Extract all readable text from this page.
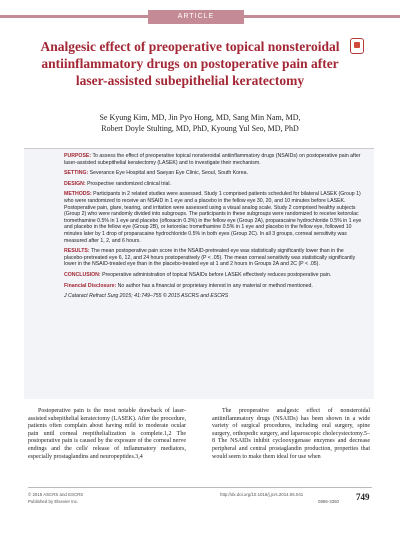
ARTICLE
Analgesic effect of preoperative topical nonsteroidal antiinflammatory drugs on postoperative pain after laser-assisted subepithelial keratectomy
Se Kyung Kim, MD, Jin Pyo Hong, MD, Sang Min Nam, MD,
Robert Doyle Stulting, MD, PhD, Kyoung Yul Seo, MD, PhD

PURPOSE: To assess the effect of preoperative topical nonsteroidal antiinflammatory drugs (NSAIDs) on postoperative pain after laser-assisted subepithelial keratectomy (LASEK) and to investigate their mechanism.

SETTING: Severance Eye Hospital and Saeyan Eye Clinic, Seoul, South Korea.

DESIGN: Prospective randomized clinical trial.

METHODS: Participants in 2 related studies were assessed. Study 1 comprised patients scheduled for bilateral LASEK (Group 1) who were randomized to receive an NSAID in 1 eye and a placebo in the fellow eye 30, 20, and 10 minutes before LASEK. Postoperative pain, glare, tearing, and irritation were assessed using a visual analog scale. Study 2 comprised healthy subjects (Group 2) who were randomly divided into subgroups. The participants in these subgroups were randomized to receive ketorolac tromethamine 0.5% in 1 eye and placebo (ofloxacin 0.3%) in the fellow eye (Group 2A), proparacaine hydrochloride 0.5% in 1 eye and placebo in the fellow eye (Group 2B), or ketorolac tromethamine 0.5% in 1 eye and placebo in the fellow eye, followed 10 minutes later by 1 drop of proparacaine hydrochloride 0.5% in both eyes (Group 2C). In all 3 groups, corneal sensitivity was measured after 1, 2, and 6 hours.

RESULTS: The mean postoperative pain score in the NSAID-pretreated eye was statistically significantly lower than in the placebo-pretreated eye 6, 12, and 24 hours postoperatively (P < .05). The mean corneal sensitivity was statistically significantly lower in the NSAID-treated eye than in the placebo-treated eye at 1 and 2 hours in Groups 2A and 2C (P < .05).

CONCLUSION: Preoperative administration of topical NSAIDs before LASEK effectively reduces postoperative pain.

Financial Disclosure: No author has a financial or proprietary interest in any material or method mentioned.

J Cataract Refract Surg 2015; 41:749–755 © 2015 ASCRS and ESCRS

Postoperative pain is the most notable drawback of laser-assisted subepithelial keratectomy (LASEK). After the procedure, patients often complain about having mild to moderate ocular pain until corneal reepithelialization is complete.1,2 The postoperative pain is caused by the exposure of the corneal nerve endings and the cells' release of inflammatory mediators, especially prostaglandins and neuropeptides.3,4

The preoperative analgesic effect of nonsteroidal antiinflammatory drugs (NSAIDs) has been shown in a wide variety of surgical procedures, including oral surgery, spine surgery, orthopedic surgery, and laparoscopic cholecystectomy.5–8 The NSAIDs inhibit cyclooxygenase enzymes and decrease peripheral and central prostaglandin production, properties that would seem to make them ideal for use when

© 2015 ASCRS and ESCRS
Published by Elsevier Inc.
http://dx.doi.org/10.1016/j.jcrs.2014.06.041
0886-3350 749
